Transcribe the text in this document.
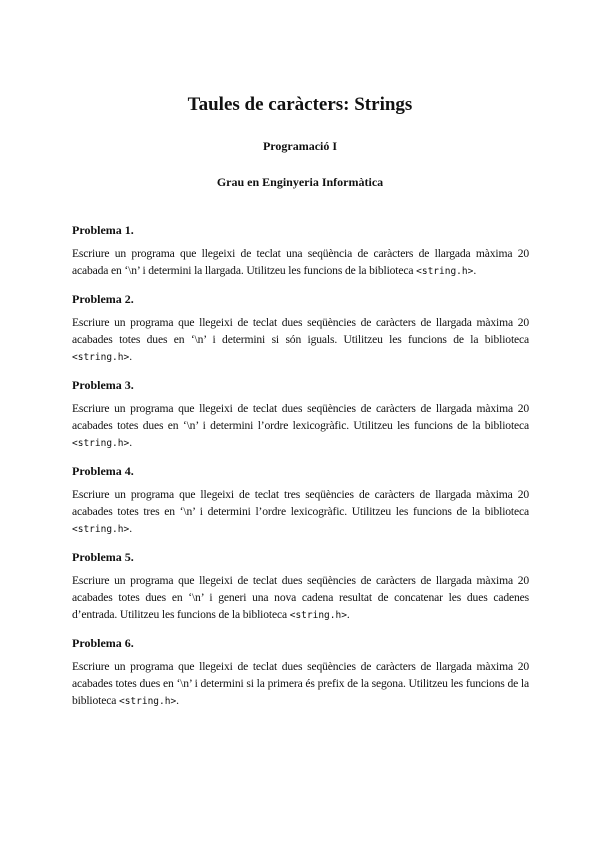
Taules de caràcters: Strings
Programació I
Grau en Enginyeria Informàtica
Problema 1.

Escriure un programa que llegeixi de teclat una seqüència de caràcters de llargada màxima 20 acabada en ‘\n’ i determini la llargada. Utilitzeu les funcions de la biblioteca <string.h>.

Problema 2.

Escriure un programa que llegeixi de teclat dues seqüències de caràcters de llargada màxima 20 acabades totes dues en ‘\n’ i determini si són iguals. Utilitzeu les funcions de la biblioteca <string.h>.

Problema 3.

Escriure un programa que llegeixi de teclat dues seqüències de caràcters de llargada màxima 20 acabades totes dues en ‘\n’ i determini l’ordre lexicogràfic. Utilitzeu les funcions de la biblioteca <string.h>.

Problema 4.

Escriure un programa que llegeixi de teclat tres seqüències de caràcters de llargada màxima 20 acabades totes tres en ‘\n’ i determini l’ordre lexicogràfic. Utilitzeu les funcions de la biblioteca <string.h>.

Problema 5.

Escriure un programa que llegeixi de teclat dues seqüències de caràcters de llargada màxima 20 acabades totes dues en ‘\n’ i generi una nova cadena resultat de concatenar les dues cadenes d’entrada. Utilitzeu les funcions de la biblioteca <string.h>.

Problema 6.

Escriure un programa que llegeixi de teclat dues seqüències de caràcters de llargada màxima 20 acabades totes dues en ‘\n’ i determini si la primera és prefix de la segona. Utilitzeu les funcions de la biblioteca <string.h>.
